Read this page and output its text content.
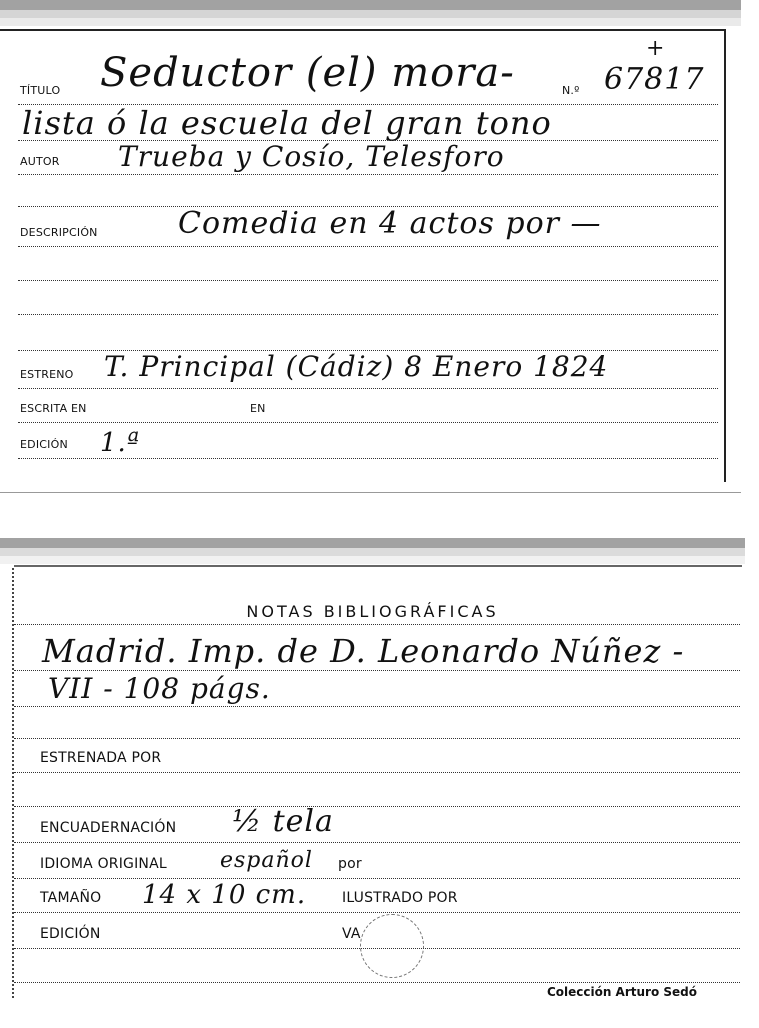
TÍTULO Seductor (el) mora-	N.º 67817
+
lista ó la escuela del gran tono
AUTOR Trueba y Cosío, Telesforo
DESCRIPCIÓN	Comedia en 4 actos por —
ESTRENO T. Principal (Cádiz) 8 Enero 1824
ESCRITA EN	EN
EDICIÓN 1.ª
NOTAS BIBLIOGRÁFICAS
Madrid. Imp. de D. Leonardo Núñez -
VII - 108 págs.
ESTRENADA POR
ENCUADERNACIÓN ½ tela
IDIOMA ORIGINAL español por
TAMAÑO 14 x 10 cm.	ILUSTRADO POR
EDICIÓN	VA
Colección Arturo Sedó
